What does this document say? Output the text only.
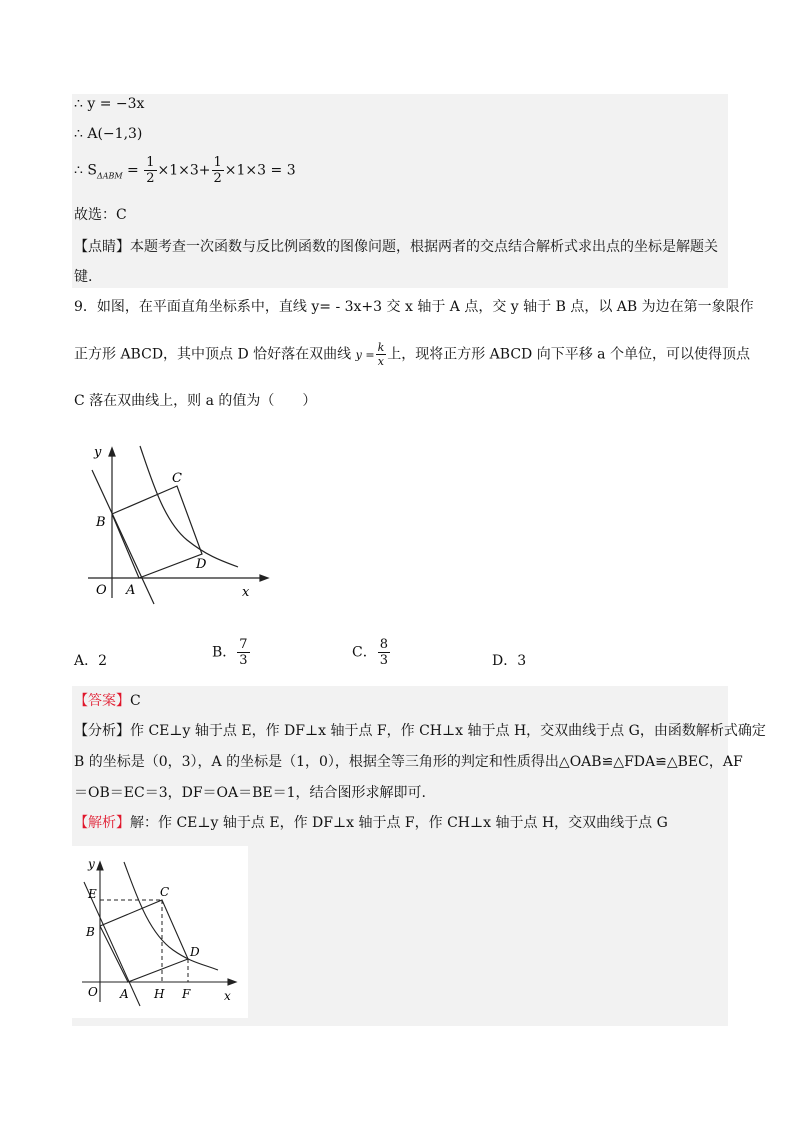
∴ y = −3x
∴ A(−1,3)
∴ $S_{\Delta ABM} = \frac{1}{2} \times 1\times 3+ \frac{1}{2} \times 1\times 3 = 3$
故选：C
【点睛】本题考查一次函数与反比例函数的图像问题，根据两者的交点结合解析式求出点的坐标是解题关
键.
9．如图，在平面直角坐标系中，直线 y= - 3x+3 交 x 轴于 A 点，交 y 轴于 B 点，以 AB 为边在第一象限作
正方形 ABCD，其中顶点 D 恰好落在双曲线 $y = \frac{k}{x}$ 上，现将正方形 ABCD 向下平移 a 个单位，可以使得顶点
C 落在双曲线上，则 a 的值为（　　）
y
x
O A
B
C
D
A．2
B． $\frac{7}{3}$	C． $\frac{8}{3}$	D．3
【答案】C
【分析】作 CE⊥y 轴于点 E，作 DF⊥x 轴于点 F，作 CH⊥x 轴于点 H，交双曲线于点 G，由函数解析式确定
B 的坐标是（0，3），A 的坐标是（1，0），根据全等三角形的判定和性质得出△OAB≌△FDA≌△BEC，AF
＝OB＝EC＝3，DF＝OA＝BE＝1，结合图形求解即可.
【解析】解：作 CE⊥y 轴于点 E，作 DF⊥x 轴于点 F，作 CH⊥x 轴于点 H，交双曲线于点 G
y
x
O A
B
C
D
E
H F
